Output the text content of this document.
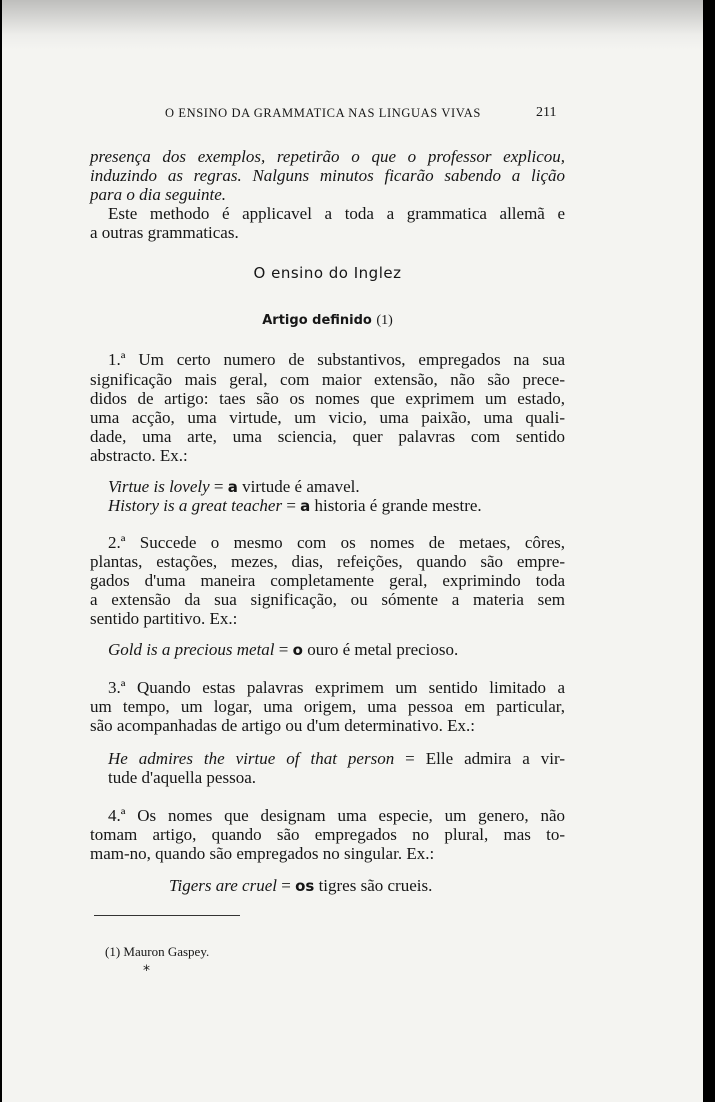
O ENSINO DA GRAMMATICA NAS LINGUAS VIVAS	211
presença dos exemplos, repetirão o que o professor explicou,
induzindo as regras. Nalguns minutos ficarão sabendo a lição
para o dia seguinte.
Este methodo é applicavel a toda a grammatica allemã e
a outras grammaticas.
O ensino do Inglez
Artigo definido (1)
1.ª Um certo numero de substantivos, empregados na sua
significação mais geral, com maior extensão, não são prece-
didos de artigo: taes são os nomes que exprimem um estado,
uma acção, uma virtude, um vicio, uma paixão, uma quali-
dade, uma arte, uma sciencia, quer palavras com sentido
abstracto. Ex.:
Virtue is lovely = a virtude é amavel.
History is a great teacher = a historia é grande mestre.
2.ª Succede o mesmo com os nomes de metaes, côres,
plantas, estações, mezes, dias, refeições, quando são empre-
gados d'uma maneira completamente geral, exprimindo toda
a extensão da sua significação, ou sómente a materia sem
sentido partitivo. Ex.:
Gold is a precious metal = o ouro é metal precioso.
3.ª Quando estas palavras exprimem um sentido limitado a
um tempo, um logar, uma origem, uma pessoa em particular,
são acompanhadas de artigo ou d'um determinativo. Ex.:
He admires the virtue of that person = Elle admira a vir-
tude d'aquella pessoa.
4.ª Os nomes que designam uma especie, um genero, não
tomam artigo, quando são empregados no plural, mas to-
mam-no, quando são empregados no singular. Ex.:
Tigers are cruel = os tigres são crueis.
(1) Mauron Gaspey.
*
